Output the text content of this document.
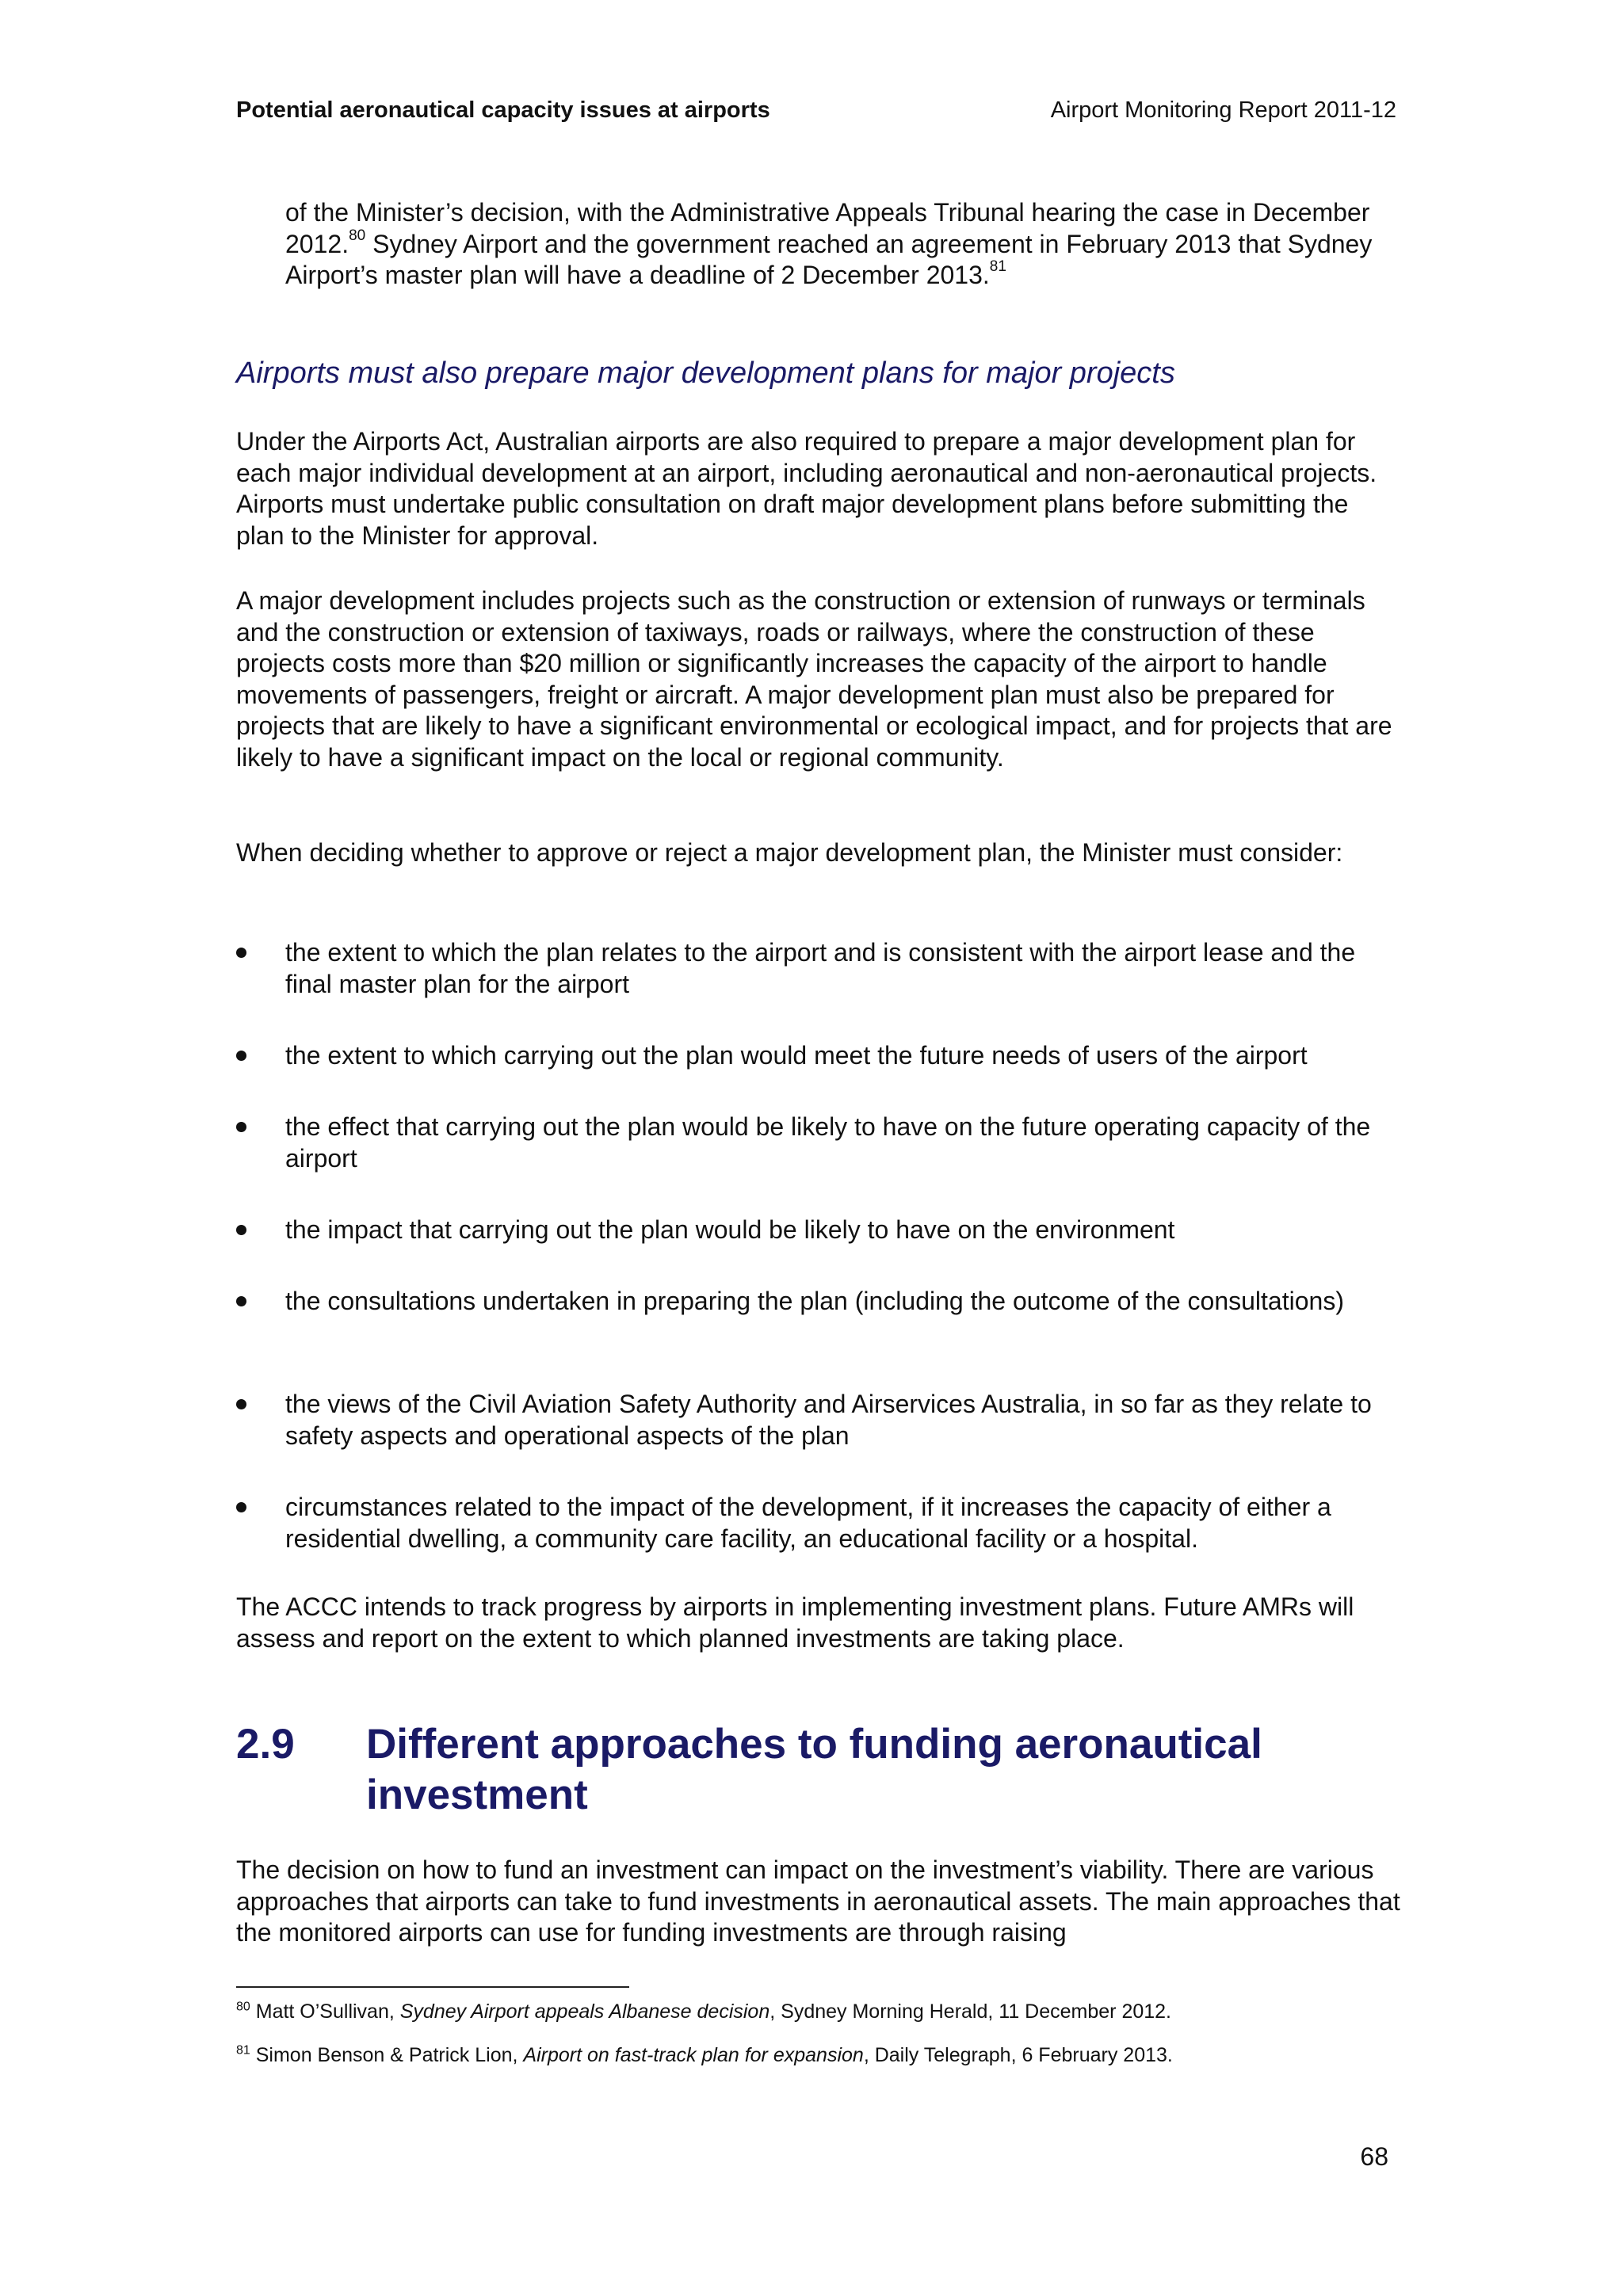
Potential aeronautical capacity issues at airports	Airport Monitoring Report 2011-12

of the Minister’s decision, with the Administrative Appeals Tribunal hearing the case in December 2012.80 Sydney Airport and the government reached an agreement in February 2013 that Sydney Airport’s master plan will have a deadline of 2 December 2013.81

Airports must also prepare major development plans for major projects

Under the Airports Act, Australian airports are also required to prepare a major development plan for each major individual development at an airport, including aeronautical and non-aeronautical projects. Airports must undertake public consultation on draft major development plans before submitting the plan to the Minister for approval.

A major development includes projects such as the construction or extension of runways or terminals and the construction or extension of taxiways, roads or railways, where the construction of these projects costs more than $20 million or significantly increases the capacity of the airport to handle movements of passengers, freight or aircraft. A major development plan must also be prepared for projects that are likely to have a significant environmental or ecological impact, and for projects that are likely to have a significant impact on the local or regional community.

When deciding whether to approve or reject a major development plan, the Minister must consider:

the extent to which the plan relates to the airport and is consistent with the airport lease and the final master plan for the airport
the extent to which carrying out the plan would meet the future needs of users of the airport
the effect that carrying out the plan would be likely to have on the future operating capacity of the airport
the impact that carrying out the plan would be likely to have on the environment
the consultations undertaken in preparing the plan (including the outcome of the consultations)
the views of the Civil Aviation Safety Authority and Airservices Australia, in so far as they relate to safety aspects and operational aspects of the plan
circumstances related to the impact of the development, if it increases the capacity of either a residential dwelling, a community care facility, an educational facility or a hospital.

The ACCC intends to track progress by airports in implementing investment plans. Future AMRs will assess and report on the extent to which planned investments are taking place.

2.9 Different approaches to funding aeronautical investment

The decision on how to fund an investment can impact on the investment’s viability. There are various approaches that airports can take to fund investments in aeronautical assets. The main approaches that the monitored airports can use for funding investments are through raising

$^{80}$ Matt O’Sullivan, Sydney Airport appeals Albanese decision, Sydney Morning Herald, 11 December 2012.
$^{81}$ Simon Benson & Patrick Lion, Airport on fast-track plan for expansion, Daily Telegraph, 6 February 2013.
68
